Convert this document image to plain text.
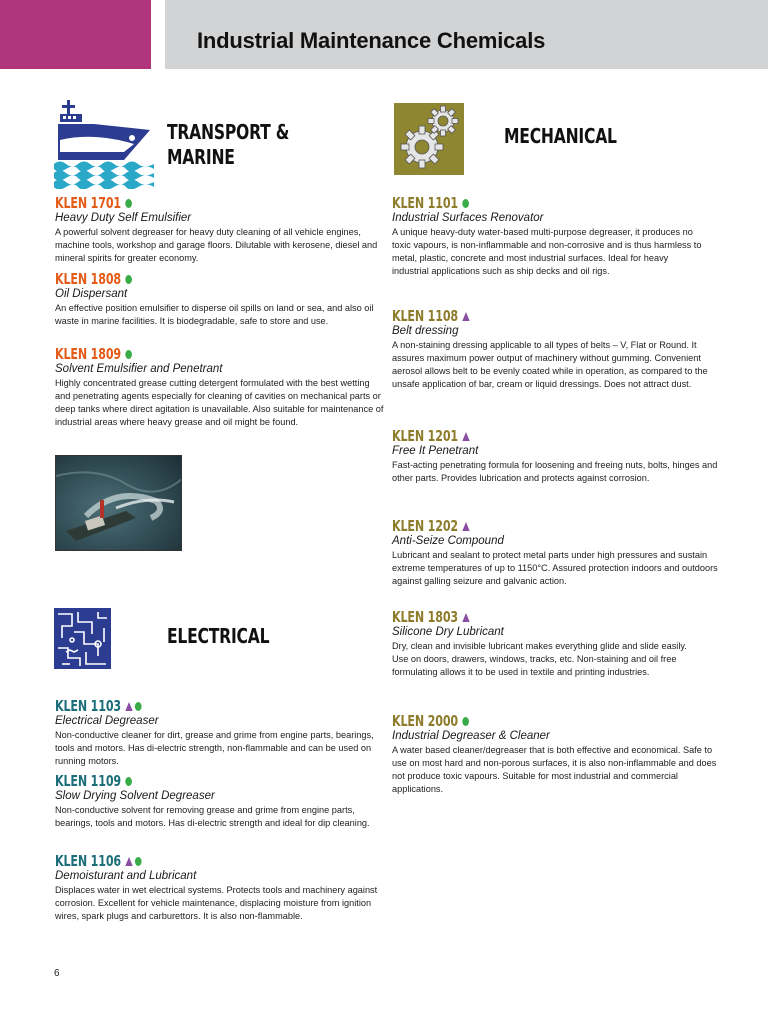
Industrial Maintenance Chemicals
TRANSPORT &
MARINE
KLEN 1701
Heavy Duty Self Emulsifier
A powerful solvent degreaser for heavy duty cleaning of all vehicle engines, machine tools, workshop and garage floors. Dilutable with kerosene, diesel and mineral spirits for greater economy.
KLEN 1808
Oil Dispersant
An effective position emulsifier to disperse oil spills on land or sea, and also oil waste in marine facilities. It is biodegradable, safe to store and use.
KLEN 1809
Solvent Emulsifier and Penetrant
Highly concentrated grease cutting detergent formulated with the best wetting and penetrating agents especially for cleaning of cavities on mechanical parts or deep tanks where direct agitation is unavailable. Also suitable for maintenance of industrial areas where heavy grease and oil might be found.
ELECTRICAL
KLEN 1103
Electrical Degreaser
Non-conductive cleaner for dirt, grease and grime from engine parts, bearings, tools and motors. Has di-electric strength, non-flammable and can be used on running motors.
KLEN 1109
Slow Drying Solvent Degreaser
Non-conductive solvent for removing grease and grime from engine parts, bearings, tools and motors. Has di-electric strength and ideal for dip cleaning.
KLEN 1106
Demoisturant and Lubricant
Displaces water in wet electrical systems. Protects tools and machinery against corrosion. Excellent for vehicle maintenance, displacing moisture from ignition wires, spark plugs and carburettors. It is also non-flammable.
MECHANICAL
KLEN 1101
Industrial Surfaces Renovator
A unique heavy-duty water-based multi-purpose degreaser, it produces no toxic vapours, is non-inflammable and non-corrosive and is thus harmless to metal, plastic, concrete and most industrial surfaces. Ideal for heavy industrial applications such as ship decks and oil rigs.
KLEN 1108
Belt dressing
A non-staining dressing applicable to all types of belts – V, Flat or Round. It assures maximum power output of machinery without gumming. Convenient aerosol allows belt to be evenly coated while in operation, as compared to the unsafe application of bar, cream or liquid dressings. Does not attract dust.
KLEN 1201
Free It Penetrant
Fast-acting penetrating formula for loosening and freeing nuts, bolts, hinges and other parts. Provides lubrication and protects against corrosion.
KLEN 1202
Anti-Seize Compound
Lubricant and sealant to protect metal parts under high pressures and sustain extreme temperatures of up to 1150°C. Assured protection indoors and outdoors against galling seizure and galvanic action.
KLEN 1803
Silicone Dry Lubricant
Dry, clean and invisible lubricant makes everything glide and slide easily. Use on doors, drawers, windows, tracks, etc. Non-staining and oil free formulating allows it to be used in textile and printing industries.
KLEN 2000
Industrial Degreaser & Cleaner
A water based cleaner/degreaser that is both effective and economical. Safe to use on most hard and non-porous surfaces, it is also non-inflammable and does not produce toxic vapours. Suitable for most industrial and commercial applications.
6
